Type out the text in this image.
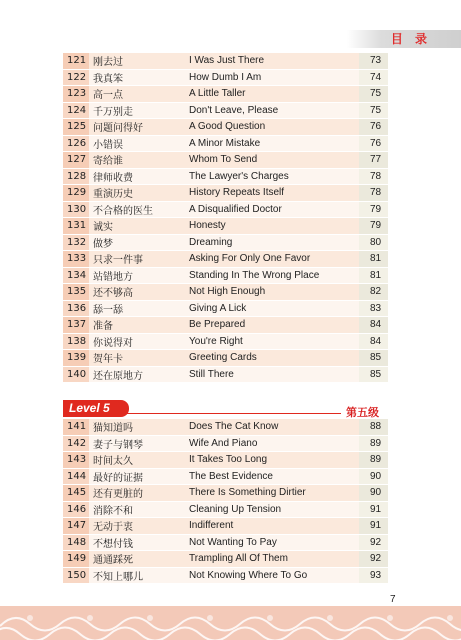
目 录
121	刚去过	I Was Just There	73
122	我真笨	How Dumb I Am	74
123	高一点	A Little Taller	75
124	千万别走	Don't Leave, Please	75
125	问题问得好	A Good Question	76
126	小错误	A Minor Mistake	76
127	寄给谁	Whom To Send	77
128	律师收费	The Lawyer's Charges	78
129	重演历史	History Repeats Itself	78
130	不合格的医生	A Disqualified Doctor	79
131	诚实	Honesty	79
132	做梦	Dreaming	80
133	只求一件事	Asking For Only One Favor	81
134	站错地方	Standing In The Wrong Place	81
135	还不够高	Not High Enough	82
136	舔一舔	Giving A Lick	83
137	准备	Be Prepared	84
138	你说得对	You're Right	84
139	贺年卡	Greeting Cards	85
140	还在原地方	Still There	85
Level 5	第五级
141	猫知道吗	Does The Cat Know	88
142	妻子与钢琴	Wife And Piano	89
143	时间太久	It Takes Too Long	89
144	最好的证据	The Best Evidence	90
145	还有更脏的	There Is Something Dirtier	90
146	消除不和	Cleaning Up Tension	91
147	无动于衷	Indifferent	91
148	不想付钱	Not Wanting To Pay	92
149	通通踩死	Trampling All Of Them	92
150	不知上哪儿	Not Knowing Where To Go	93
7
